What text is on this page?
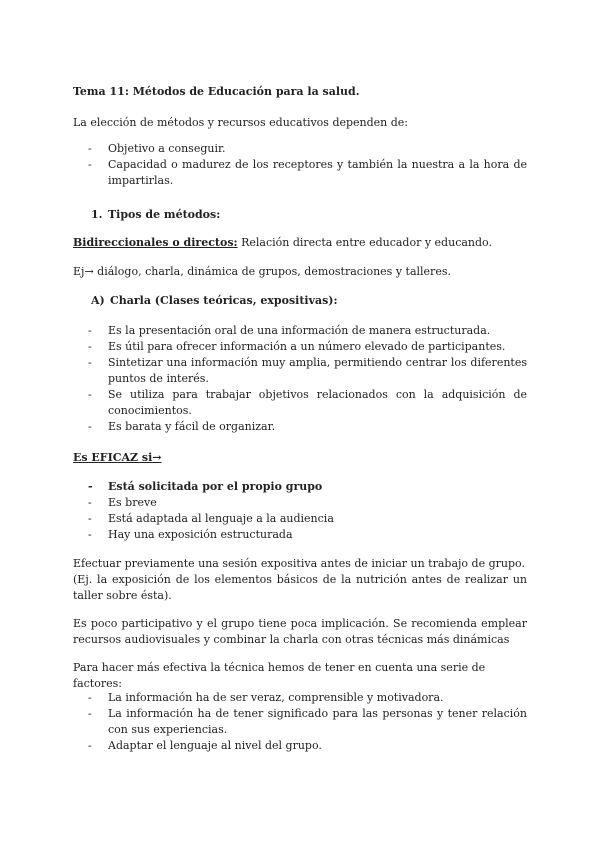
Tema 11: Métodos de Educación para la salud.

La elección de métodos y recursos educativos dependen de:

- Objetivo a conseguir.
- Capacidad o madurez de los receptores y también la nuestra a la hora de impartirlas.

1. Tipos de métodos:

Bidireccionales o directos: Relación directa entre educador y educando.

Ej→ diálogo, charla, dinámica de grupos, demostraciones y talleres.

A) Charla (Clases teóricas, expositivas):

- Es la presentación oral de una información de manera estructurada.
- Es útil para ofrecer información a un número elevado de participantes.
- Sintetizar una información muy amplia, permitiendo centrar los diferentes puntos de interés.
- Se utiliza para trabajar objetivos relacionados con la adquisición de conocimientos.
- Es barata y fácil de organizar.

Es EFICAZ si→

- Está solicitada por el propio grupo
- Es breve
- Está adaptada al lenguaje a la audiencia
- Hay una exposición estructurada
Efectuar previamente una sesión expositiva antes de iniciar un trabajo de grupo.
(Ej. la exposición de los elementos básicos de la nutrición antes de realizar un taller sobre ésta).

Es poco participativo y el grupo tiene poca implicación. Se recomienda emplear recursos audiovisuales y combinar la charla con otras técnicas más dinámicas

Para hacer más efectiva la técnica hemos de tener en cuenta una serie de factores:

- La información ha de ser veraz, comprensible y motivadora.
- La información ha de tener significado para las personas y tener relación con sus experiencias.
- Adaptar el lenguaje al nivel del grupo.
